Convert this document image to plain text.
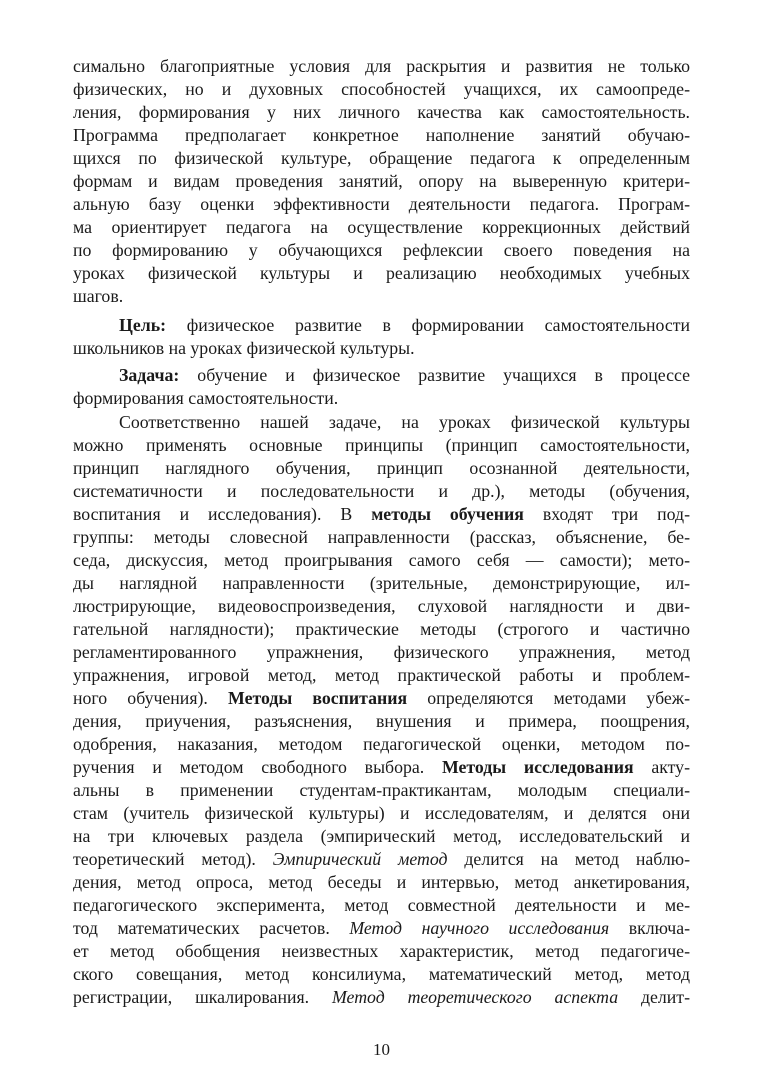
симально благоприятные условия для раскрытия и развития не только
физических, но и духовных способностей учащихся, их самоопреде-
ления, формирования у них личного качества как самостоятельность.
Программа предполагает конкретное наполнение занятий обучаю-
щихся по физической культуре, обращение педагога к определенным
формам и видам проведения занятий, опору на выверенную критери-
альную базу оценки эффективности деятельности педагога. Програм-
ма ориентирует педагога на осуществление коррекционных действий
по формированию у обучающихся рефлексии своего поведения на
уроках физической культуры и реализацию необходимых учебных
шагов.
Цель: физическое развитие в формировании самостоятельности
школьников на уроках физической культуры.
Задача: обучение и физическое развитие учащихся в процессе
формирования самостоятельности.
Соответственно нашей задаче, на уроках физической культуры
можно применять основные принципы (принцип самостоятельности,
принцип наглядного обучения, принцип осознанной деятельности,
систематичности и последовательности и др.), методы (обучения,
воспитания и исследования). В методы обучения входят три под-
группы: методы словесной направленности (рассказ, объяснение, бе-
седа, дискуссия, метод проигрывания самого себя — самости); мето-
ды наглядной направленности (зрительные, демонстрирующие, ил-
люстрирующие, видеовоспроизведения, слуховой наглядности и дви-
гательной наглядности); практические методы (строгого и частично
регламентированного упражнения, физического упражнения, метод
упражнения, игровой метод, метод практической работы и проблем-
ного обучения). Методы воспитания определяются методами убеж-
дения, приучения, разъяснения, внушения и примера, поощрения,
одобрения, наказания, методом педагогической оценки, методом по-
ручения и методом свободного выбора. Методы исследования акту-
альны в применении студентам-практикантам, молодым специали-
стам (учитель физической культуры) и исследователям, и делятся они
на три ключевых раздела (эмпирический метод, исследовательский и
теоретический метод). Эмпирический метод делится на метод наблю-
дения, метод опроса, метод беседы и интервью, метод анкетирования,
педагогического эксперимента, метод совместной деятельности и ме-
тод математических расчетов. Метод научного исследования включа-
ет метод обобщения неизвестных характеристик, метод педагогиче-
ского совещания, метод консилиума, математический метод, метод
регистрации, шкалирования. Метод теоретического аспекта делит-
10
